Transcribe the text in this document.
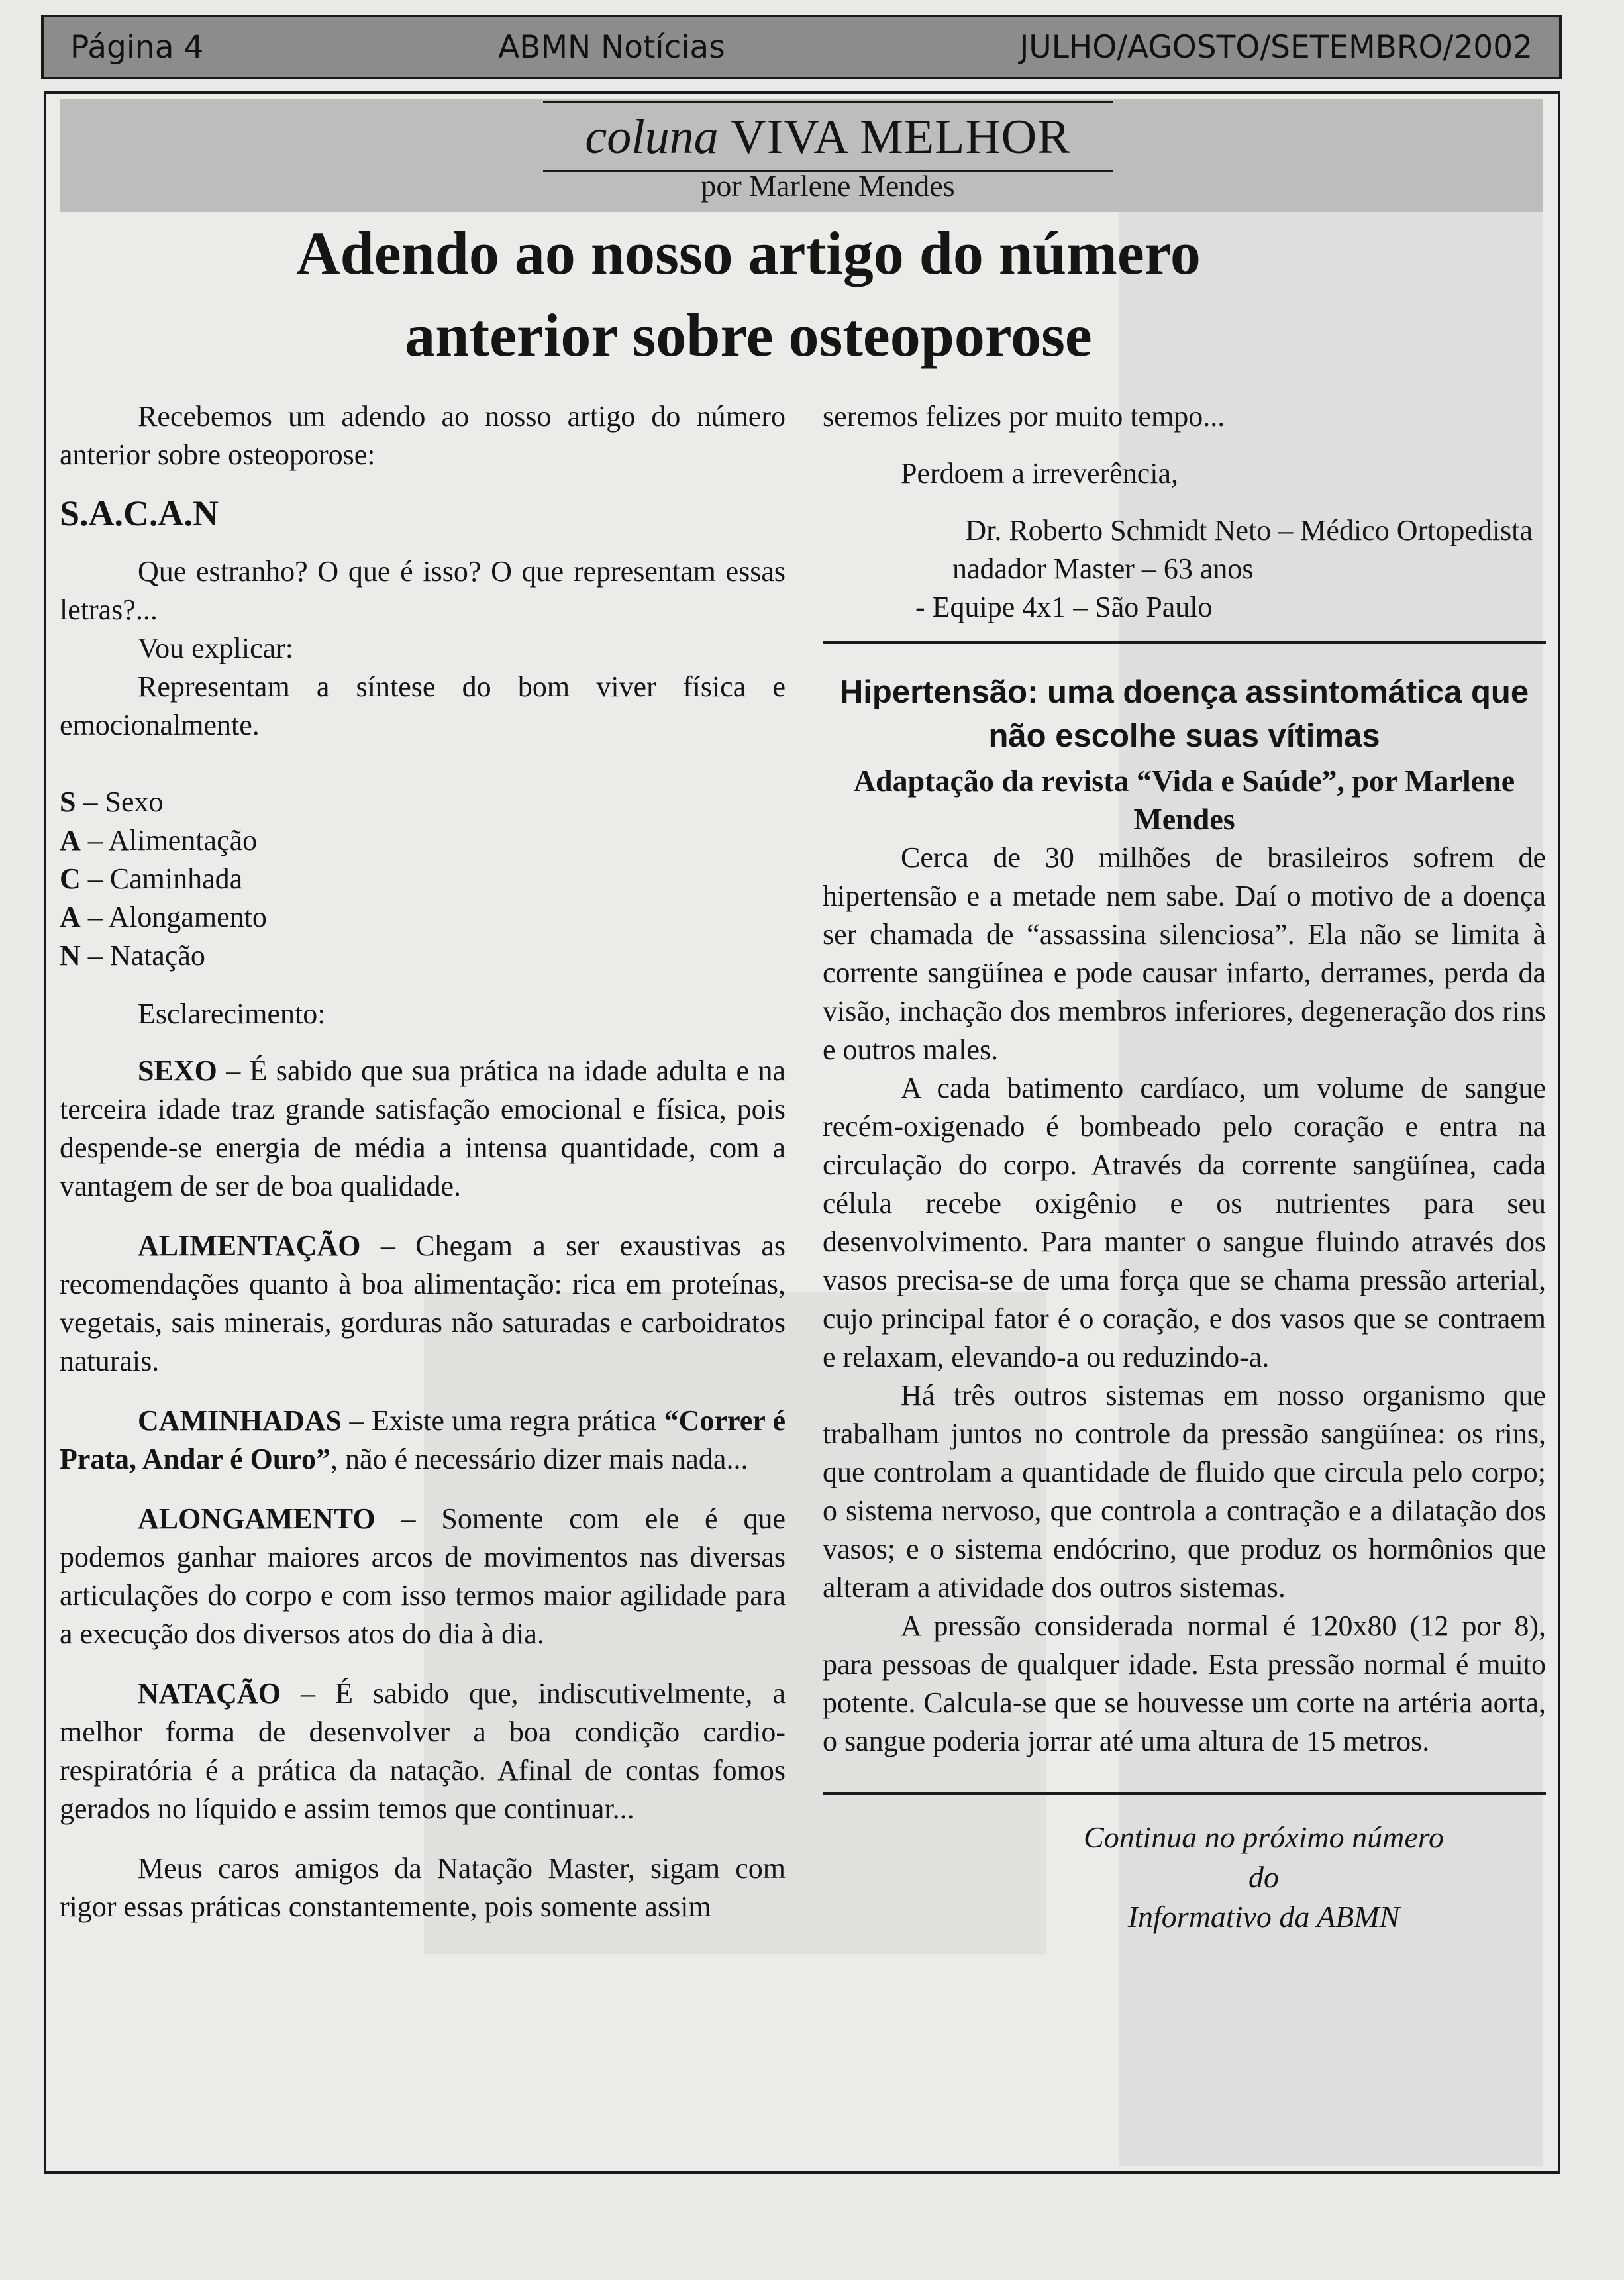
Página 4	ABMN Notícias	JULHO/AGOSTO/SETEMBRO/2002
coluna VIVA MELHOR
por Marlene Mendes
Adendo ao nosso artigo do número
anterior sobre osteoporose

Recebemos um adendo ao nosso artigo do número anterior sobre osteoporose:

S.A.C.A.N

Que estranho? O que é isso? O que representam essas letras?...

Vou explicar:

Representam a síntese do bom viver física e emocionalmente.

S – Sexo

A – Alimentação

C – Caminhada

A – Alongamento

N – Natação

Esclarecimento:

SEXO – É sabido que sua prática na idade adulta e na terceira idade traz grande satisfação emocional e física, pois despende-se energia de média a intensa quantidade, com a vantagem de ser de boa qualidade.

ALIMENTAÇÃO – Chegam a ser exaustivas as recomendações quanto à boa alimentação: rica em proteínas, vegetais, sais minerais, gorduras não saturadas e carboidratos naturais.

CAMINHADAS – Existe uma regra prática “Correr é Prata, Andar é Ouro”, não é necessário dizer mais nada...

ALONGAMENTO – Somente com ele é que podemos ganhar maiores arcos de movimentos nas diversas articulações do corpo e com isso termos maior agilidade para a execução dos diversos atos do dia à dia.

NATAÇÃO – É sabido que, indiscutivelmente, a melhor forma de desenvolver a boa condição cardio-respiratória é a prática da natação. Afinal de contas fomos gerados no líquido e assim temos que continuar...

Meus caros amigos da Natação Master, sigam com rigor essas práticas constantemente, pois somente assim

seremos felizes por muito tempo...

Perdoem a irreverência,

Dr. Roberto Schmidt Neto – Médico Ortopedista

nadador Master – 63 anos

- Equipe 4x1 – São Paulo

Hipertensão: uma doença assintomática que

não escolhe suas vítimas

Adaptação da revista “Vida e Saúde”, por Marlene Mendes

Cerca de 30 milhões de brasileiros sofrem de hipertensão e a metade nem sabe. Daí o motivo de a doença ser chamada de “assassina silenciosa”. Ela não se limita à corrente sangüínea e pode causar infarto, derrames, perda da visão, inchação dos membros inferiores, degeneração dos rins e outros males.

A cada batimento cardíaco, um volume de sangue recém-oxigenado é bombeado pelo coração e entra na circulação do corpo. Através da corrente sangüínea, cada célula recebe oxigênio e os nutrientes para seu desenvolvimento. Para manter o sangue fluindo através dos vasos precisa-se de uma força que se chama pressão arterial, cujo principal fator é o coração, e dos vasos que se contraem e relaxam, elevando-a ou reduzindo-a.

Há três outros sistemas em nosso organismo que trabalham juntos no controle da pressão sangüínea: os rins, que controlam a quantidade de fluido que circula pelo corpo; o sistema nervoso, que controla a contração e a dilatação dos vasos; e o sistema endócrino, que produz os hormônios que alteram a atividade dos outros sistemas.

A pressão considerada normal é 120x80 (12 por 8), para pessoas de qualquer idade. Esta pressão normal é muito potente. Calcula-se que se houvesse um corte na artéria aorta, o sangue poderia jorrar até uma altura de 15 metros.

Continua no próximo número

do

Informativo da ABMN
